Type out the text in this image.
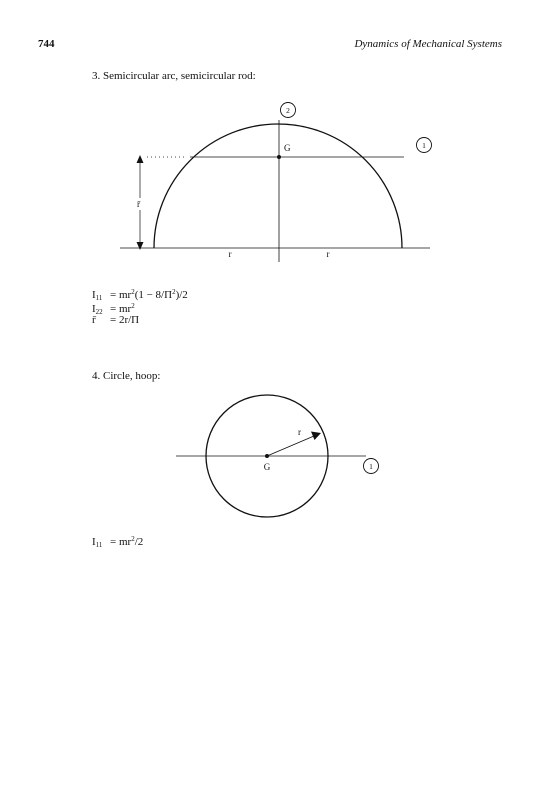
744	Dynamics of Mechanical Systems
3. Semicircular arc, semicircular rod:
2
1
G
r̄
r	r
$I_{11} = mr^2(1 - 8/\Pi^2)/2$
$I_{22} = mr^2$
r̄ = 2r/Π
4. Circle, hoop:
1
G
r
$I_{11} = mr^2/2$
